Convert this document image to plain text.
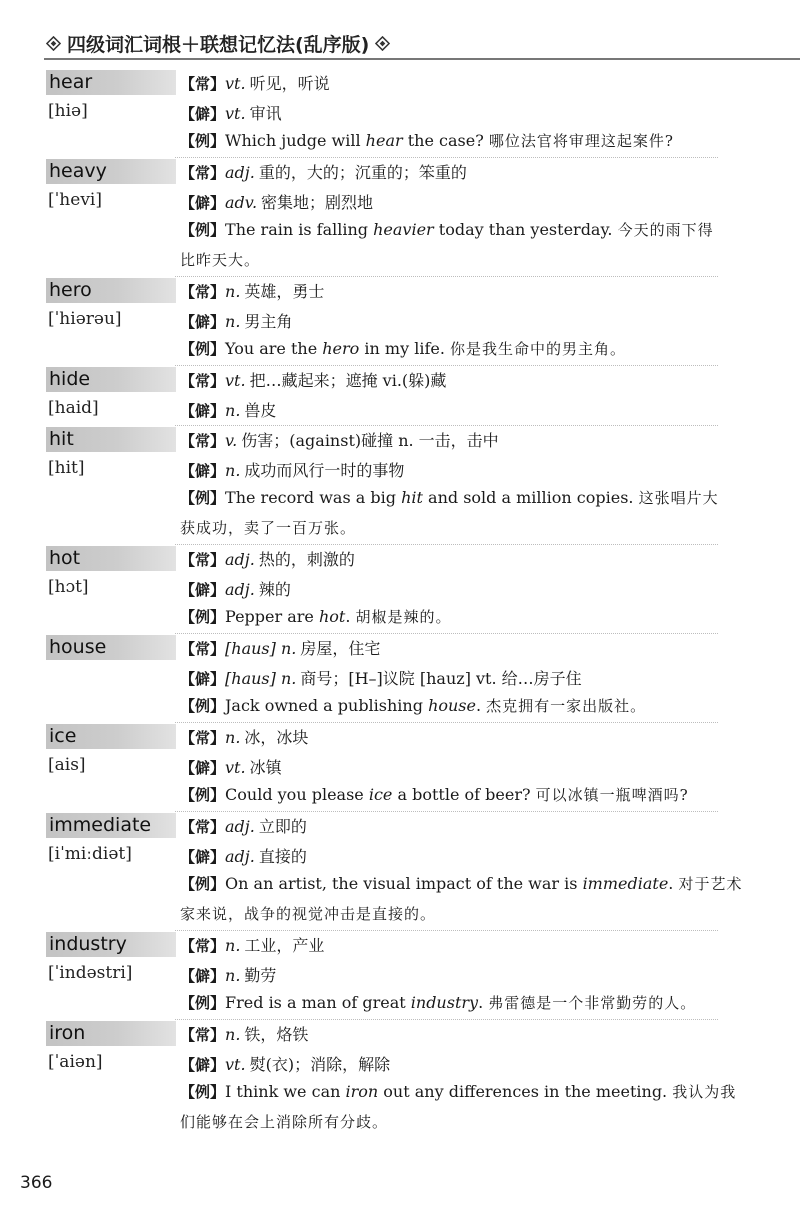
四级词汇词根＋联想记忆法(乱序版)
hear
[hiə]
【常】vt. 听见，听说
【僻】vt. 审讯
【例】Which judge will hear the case? 哪位法官将审理这起案件?
heavy
[ˈhevi]
【常】adj. 重的，大的；沉重的；笨重的
【僻】adv. 密集地；剧烈地
【例】The rain is falling heavier today than yesterday. 今天的雨下得
比昨天大。
hero
[ˈhiərəu]
【常】n. 英雄，勇士
【僻】n. 男主角
【例】You are the hero in my life. 你是我生命中的男主角。
hide
[haid]
【常】vt. 把…藏起来；遮掩 vi.(躲)藏
【僻】n. 兽皮
hit
[hit]
【常】v. 伤害；(against)碰撞 n. 一击，击中
【僻】n. 成功而风行一时的事物
【例】The record was a big hit and sold a million copies. 这张唱片大
获成功，卖了一百万张。
hot
[hɔt]
【常】adj. 热的，刺激的
【僻】adj. 辣的
【例】Pepper are hot. 胡椒是辣的。
house	【常】[haus] n. 房屋，住宅
【僻】[haus] n. 商号；[H–]议院 [hauz] vt. 给…房子住
【例】Jack owned a publishing house. 杰克拥有一家出版社。
ice
[ais]
【常】n. 冰，冰块
【僻】vt. 冰镇
【例】Could you please ice a bottle of beer? 可以冰镇一瓶啤酒吗?
immediate
[iˈmiːdiət]
【常】adj. 立即的
【僻】adj. 直接的
【例】On an artist, the visual impact of the war is immediate. 对于艺术
家来说，战争的视觉冲击是直接的。
industry
[ˈindəstri]
【常】n. 工业，产业
【僻】n. 勤劳
【例】Fred is a man of great industry. 弗雷德是一个非常勤劳的人。
iron
[ˈaiən]
【常】n. 铁，烙铁
【僻】vt. 熨(衣)；消除，解除
【例】I think we can iron out any differences in the meeting. 我认为我
们能够在会上消除所有分歧。
366
